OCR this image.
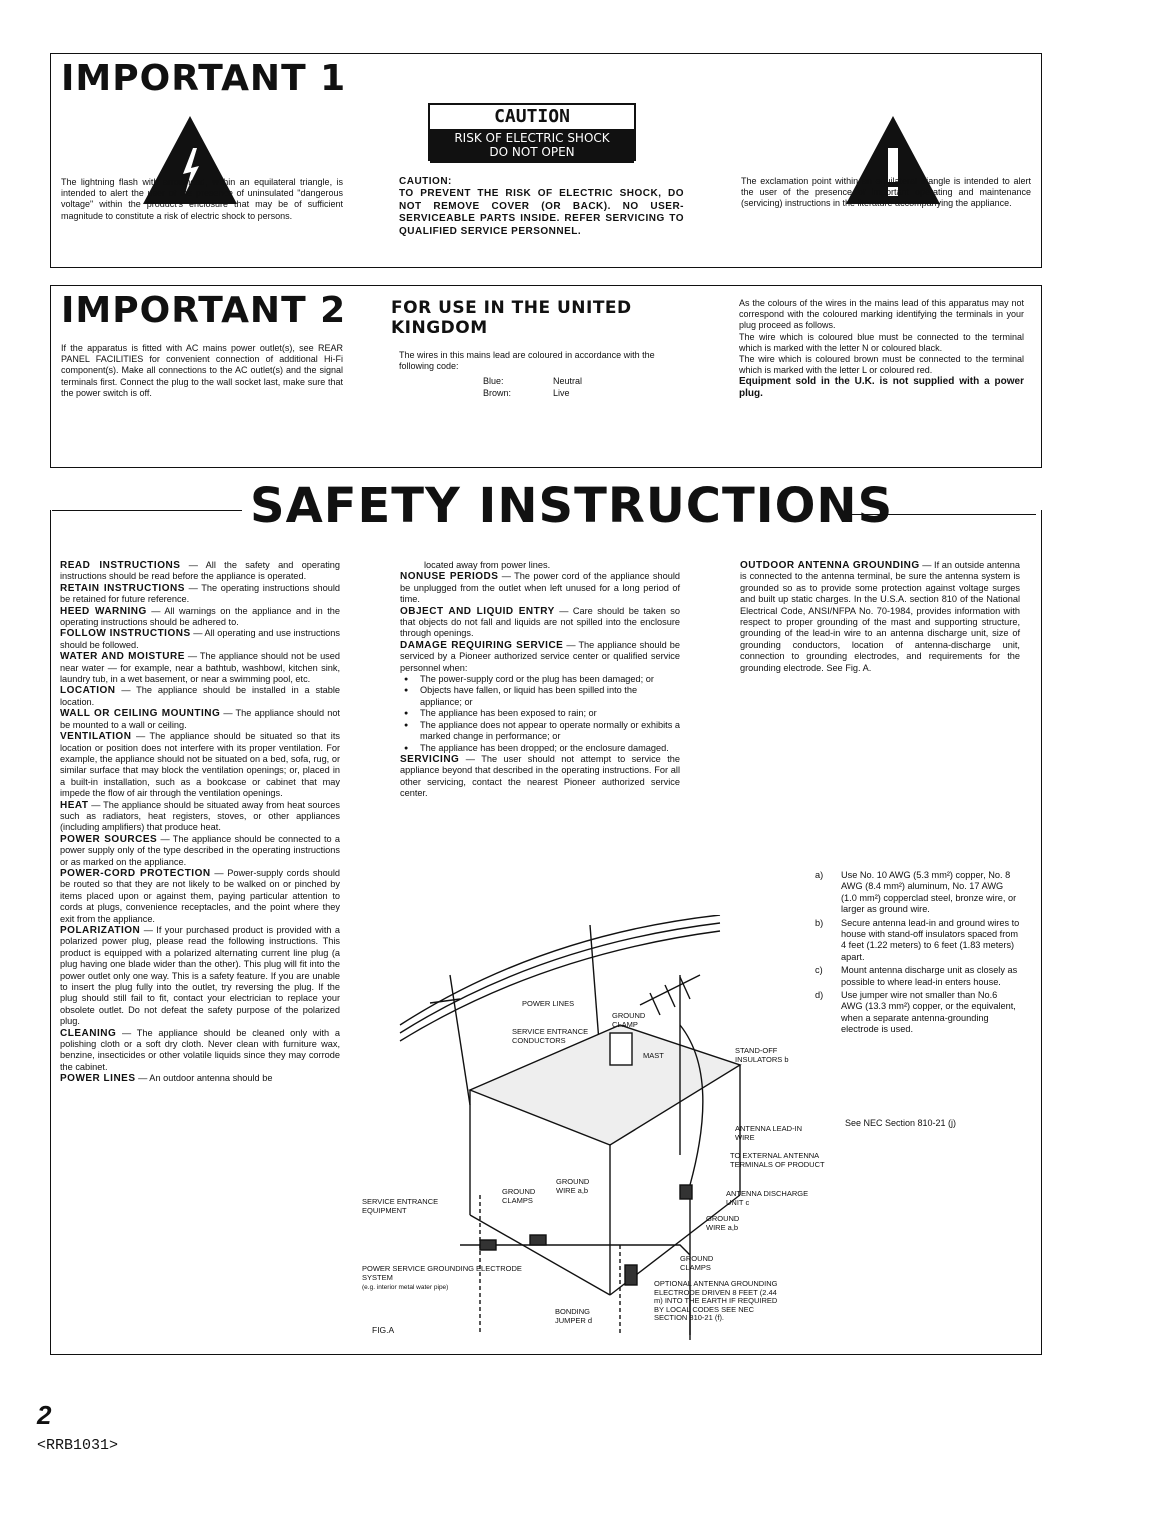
IMPORTANT 1
The lightning flash with arrowhead, within an equilateral triangle, is intended to alert the user of the presence of uninsulated "dangerous voltage" within the product's enclosure that may be of sufficient magnitude to constitute a risk of electric shock to persons.
CAUTION
RISK OF ELECTRIC SHOCK
DO NOT OPEN
CAUTION:
TO PREVENT THE RISK OF ELECTRIC SHOCK, DO NOT REMOVE COVER (OR BACK). NO USER-SERVICEABLE PARTS INSIDE. REFER SERVICING TO QUALIFIED SERVICE PERSONNEL.
The exclamation point within an equilateral triangle is intended to alert the user of the presence of important operating and maintenance (servicing) instructions in the literature accompanying the appliance.
IMPORTANT 2
If the apparatus is fitted with AC mains power outlet(s), see REAR PANEL FACILITIES for convenient connection of additional Hi-Fi component(s). Make all connections to the AC outlet(s) and the signal terminals first. Connect the plug to the wall socket last, make sure that the power switch is off.
FOR USE IN THE UNITED KINGDOM
The wires in this mains lead are coloured in accordance with the following code:
Blue:	Neutral
Brown:	Live
As the colours of the wires in the mains lead of this apparatus may not correspond with the coloured marking identifying the terminals in your plug proceed as follows.
The wire which is coloured blue must be connected to the terminal which is marked with the letter N or coloured black.
The wire which is coloured brown must be connected to the terminal which is marked with the letter L or coloured red.
Equipment sold in the U.K. is not supplied with a power plug.
SAFETY INSTRUCTIONS
READ INSTRUCTIONS — All the safety and operating instructions should be read before the appliance is operated.
RETAIN INSTRUCTIONS — The operating instructions should be retained for future reference.
HEED WARNING — All warnings on the appliance and in the operating instructions should be adhered to.
FOLLOW INSTRUCTIONS — All operating and use instructions should be followed.
WATER AND MOISTURE — The appliance should not be used near water — for example, near a bathtub, washbowl, kitchen sink, laundry tub, in a wet basement, or near a swimming pool, etc.
LOCATION — The appliance should be installed in a stable location.
WALL OR CEILING MOUNTING — The appliance should not be mounted to a wall or ceiling.
VENTILATION — The appliance should be situated so that its location or position does not interfere with its proper ventilation. For example, the appliance should not be situated on a bed, sofa, rug, or similar surface that may block the ventilation openings; or, placed in a built-in installation, such as a bookcase or cabinet that may impede the flow of air through the ventilation openings.
HEAT — The appliance should be situated away from heat sources such as radiators, heat registers, stoves, or other appliances (including amplifiers) that produce heat.
POWER SOURCES — The appliance should be connected to a power supply only of the type described in the operating instructions or as marked on the appliance.
POWER-CORD PROTECTION — Power-supply cords should be routed so that they are not likely to be walked on or pinched by items placed upon or against them, paying particular attention to cords at plugs, convenience receptacles, and the point where they exit from the appliance.
POLARIZATION — If your purchased product is provided with a polarized power plug, please read the following instructions. This product is equipped with a polarized alternating current line plug (a plug having one blade wider than the other). This plug will fit into the power outlet only one way. This is a safety feature. If you are unable to insert the plug fully into the outlet, try reversing the plug. If the plug should still fail to fit, contact your electrician to replace your obsolete outlet. Do not defeat the safety purpose of the polarized plug.
CLEANING — The appliance should be cleaned only with a polishing cloth or a soft dry cloth. Never clean with furniture wax, benzine, insecticides or other volatile liquids since they may corrode the cabinet.
POWER LINES — An outdoor antenna should be
located away from power lines.
NONUSE PERIODS — The power cord of the appliance should be unplugged from the outlet when left unused for a long period of time.
OBJECT AND LIQUID ENTRY — Care should be taken so that objects do not fall and liquids are not spilled into the enclosure through openings.
DAMAGE REQUIRING SERVICE — The appliance should be serviced by a Pioneer authorized service center or qualified service personnel when:
● The power-supply cord or the plug has been damaged; or
● Objects have fallen, or liquid has been spilled into the appliance; or
● The appliance has been exposed to rain; or
● The appliance does not appear to operate normally or exhibits a marked change in performance; or
● The appliance has been dropped; or the enclosure damaged.
SERVICING — The user should not attempt to service the appliance beyond that described in the operating instructions. For all other servicing, contact the nearest Pioneer authorized service center.
OUTDOOR ANTENNA GROUNDING — If an outside antenna is connected to the antenna terminal, be sure the antenna system is grounded so as to provide some protection against voltage surges and built up static charges. In the U.S.A. section 810 of the National Electrical Code, ANSI/NFPA No. 70-1984, provides information with respect to proper grounding of the mast and supporting structure, grounding of the lead-in wire to an antenna discharge unit, size of grounding conductors, location of antenna-discharge unit, connection to grounding electrodes, and requirements for the grounding electrode. See Fig. A.
a) Use No. 10 AWG (5.3 mm²) copper, No. 8 AWG (8.4 mm²) aluminum, No. 17 AWG (1.0 mm²) copperclad steel, bronze wire, or larger as ground wire.
b) Secure antenna lead-in and ground wires to house with stand-off insulators spaced from 4 feet (1.22 meters) to 6 feet (1.83 meters) apart.
c) Mount antenna discharge unit as closely as possible to where lead-in enters house.
d) Use jumper wire not smaller than No.6 AWG (13.3 mm²) copper, or the equivalent, when a separate antenna-grounding electrode is used.
See NEC Section 810-21 (j)
POWER LINES
SERVICE ENTRANCE CONDUCTORS
GROUND CLAMP
MAST
STAND-OFF INSULATORS b
ANTENNA LEAD-IN WIRE
TO EXTERNAL ANTENNA TERMINALS OF PRODUCT
ANTENNA DISCHARGE UNIT c
GROUND WIRE a,b
GROUND CLAMPS
GROUND WIRE a,b
GROUND CLAMPS
SERVICE ENTRANCE EQUIPMENT
POWER SERVICE GROUNDING ELECTRODE SYSTEM
(e.g. interior metal water pipe)
BONDING JUMPER d
OPTIONAL ANTENNA GROUNDING ELECTRODE DRIVEN 8 FEET (2.44 m) INTO THE EARTH IF REQUIRED BY LOCAL CODES SEE NEC SECTION 810-21 (f).
FIG.A
2
<RRB1031>
